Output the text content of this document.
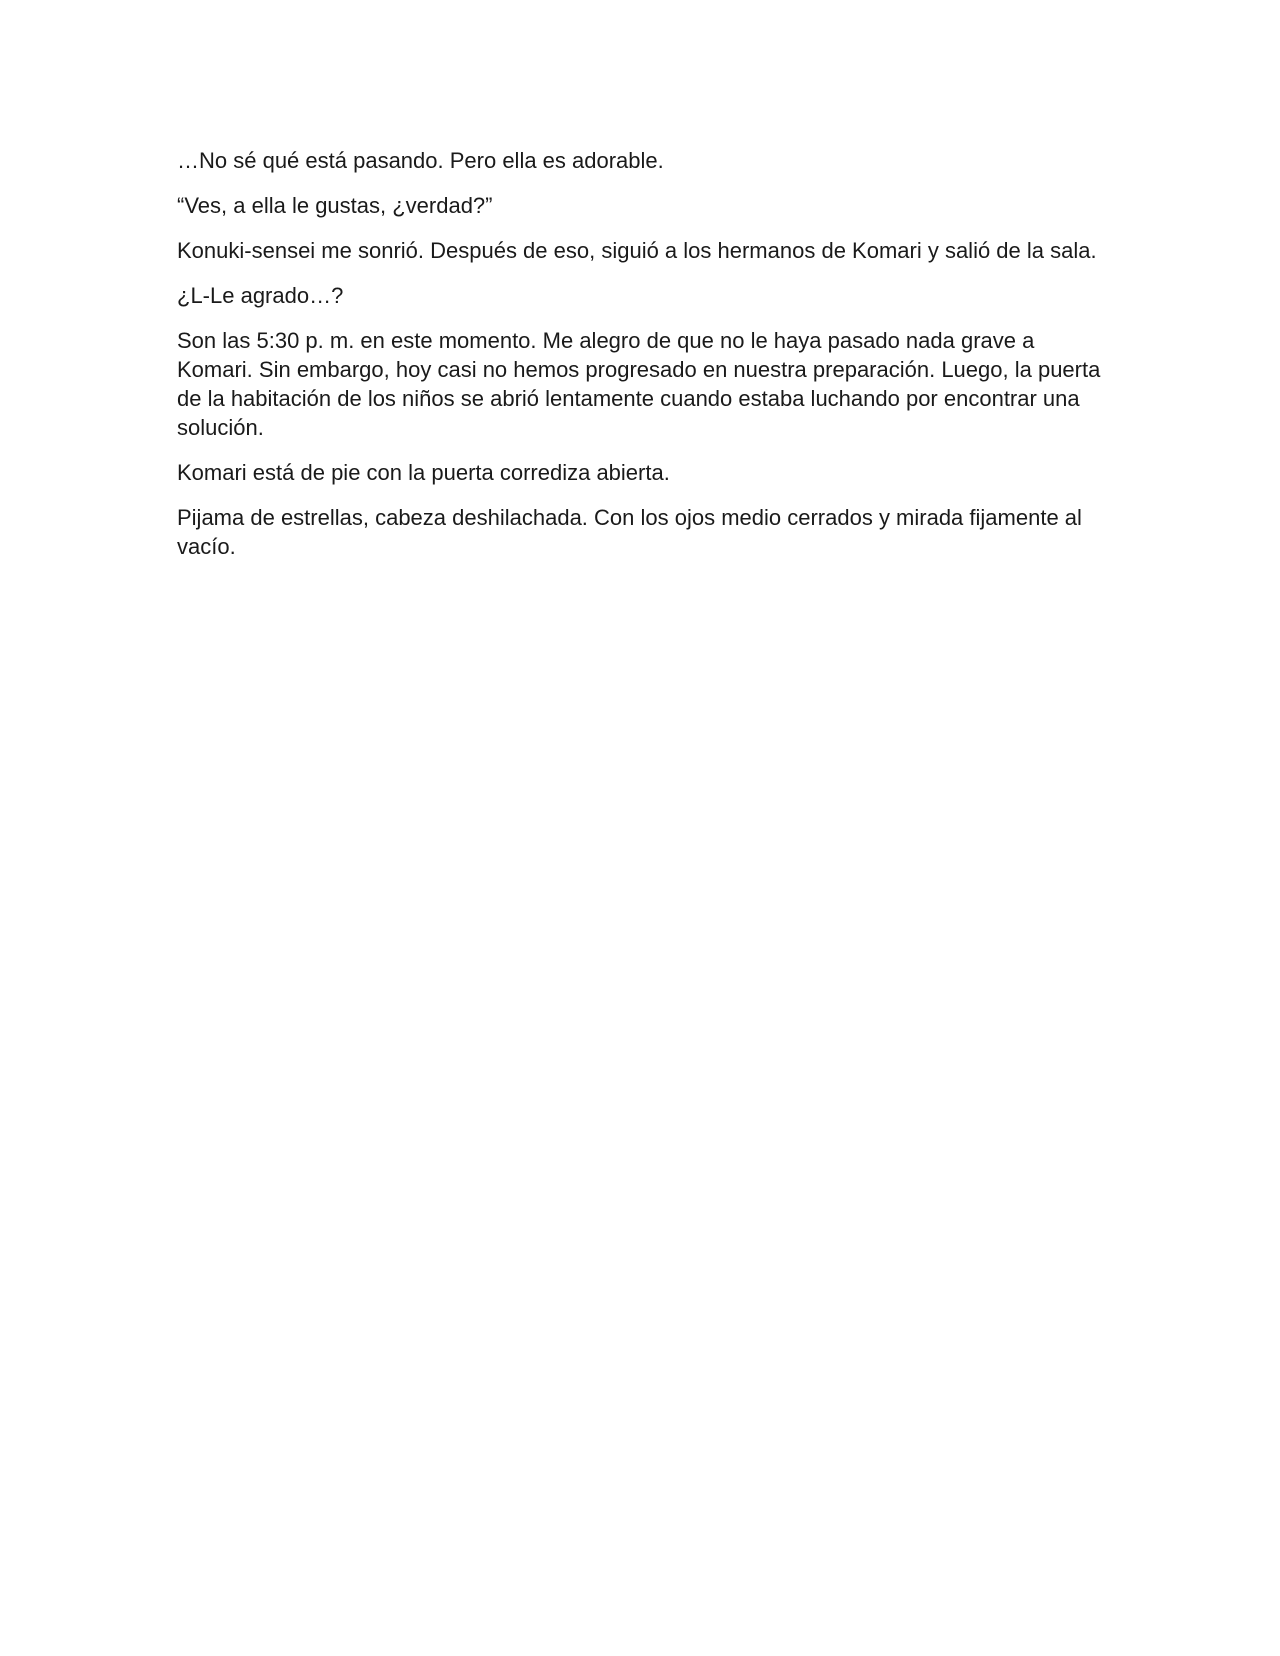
…No sé qué está pasando. Pero ella es adorable.

“Ves, a ella le gustas, ¿verdad?”

Konuki-sensei me sonrió. Después de eso, siguió a los hermanos de Komari y salió de la sala.

¿L-Le agrado…?

Son las 5:30 p. m. en este momento. Me alegro de que no le haya pasado nada grave a Komari. Sin embargo, hoy casi no hemos progresado en nuestra preparación. Luego, la puerta de la habitación de los niños se abrió lentamente cuando estaba luchando por encontrar una solución.

Komari está de pie con la puerta corrediza abierta.

Pijama de estrellas, cabeza deshilachada. Con los ojos medio cerrados y mirada fijamente al vacío.
